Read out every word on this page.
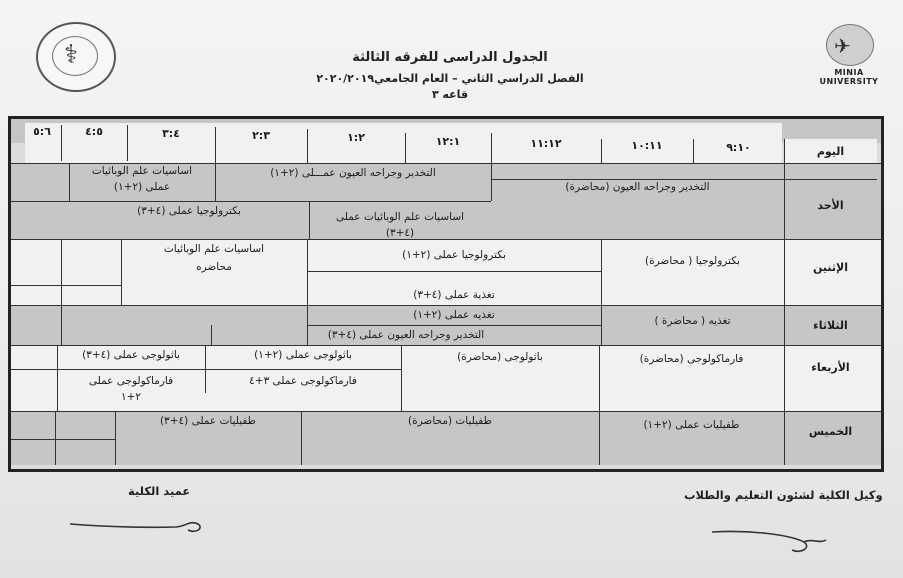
⚕	✈
MINIA UNIVERSITY
الجدول الدراسى للفرقه الثالثة
الفصل الدراسي الثاني – العام الجامعي٢٠٢٠/٢٠١٩
قاعه ٣
اليوم
٩:١٠
١٠:١١
١١:١٢
١٢:١
١:٢
٢:٣
٣:٤
٤:٥
٥:٦
الأحد
الإثنين
الثلاثاء
الأربعاء
الخميس
التخدير وجراحه العيون (محاضرة)
التخدير وجراحه العيون عمـــلى (٢+١)
اساسيات علم الوبائيات
عملى (٢+١)
اساسيات علم الوبائيات عملى
(٤+٣)
بكترولوجيا عملى (٤+٣)
بكترولوجيا ( محاضرة)
بكترولوجيا عملى (٢+١)
اساسيات علم الوبائيات
محاضره
تغذية عملى (٤+٣)
تغذيه ( محاضرة )
تغذيه عملى (٢+١)
التخدير وجراحه العيون عملى (٤+٣)
فارماكولوجى (محاضرة)
باثولوجى (محاضرة)
باثولوجى عملى (٢+١)
باثولوجى عملى (٤+٣)
فارماكولوجى عملى ٣+٤
فارماكولوجى عملى
٢+١
طفيليات عملى (٢+١)
طفيليات (محاضرة)
طفيليات عملى (٤+٣)
عميد الكلية	وكيل الكلية لشئون التعليم والطلاب
